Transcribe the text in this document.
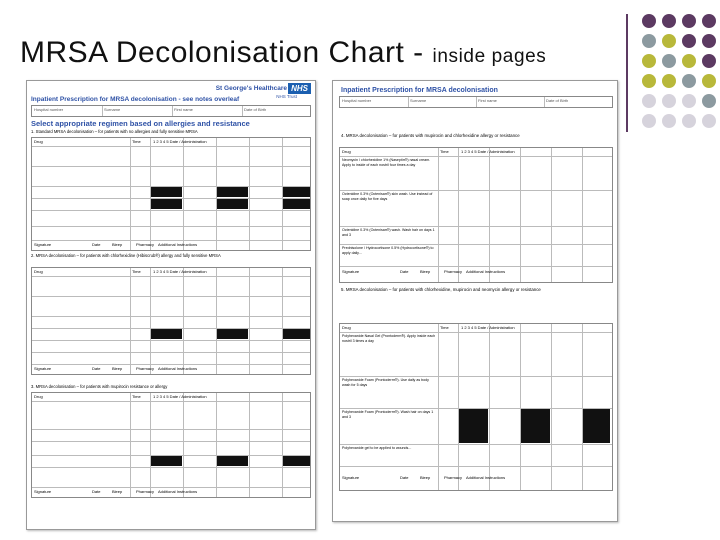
MRSA Decolonisation Chart - inside pages
St George's Healthcare NHS
NHS Trust
Inpatient Prescription for MRSA decolonisation - see notes overleaf
Hospital number	Surname	First name	Date of Birth
Select appropriate regimen based on allergies and resistance
1. Standard MRSA decolonisation – for patients with no allergies and fully sensitive MRSA
Drug	Time	1 2 3 4 5 Date / Administration
Signature	Date	Bleep	Pharmacy Additional Instructions
2. MRSA decolonisation – for patients with chlorhexidine (Hibiscrub®) allergy and fully sensitive MRSA
Drug	Time	1 2 3 4 5 Date / Administration
Signature	Date	Bleep	Pharmacy Additional Instructions
3. MRSA decolonisation – for patients with mupirocin resistance or allergy
Drug	Time	1 2 3 4 5 Date / Administration
Signature	Date	Bleep	Pharmacy Additional Instructions
Inpatient Prescription for MRSA decolonisation
Hospital number	Surname	First name	Date of Birth
4. MRSA decolonisation – for patients with mupirocin and chlorhexidine allergy or resistance
Drug	Time	1 2 3 4 5 Date / Administration
Neomycin / chlorhexidine 1% (Naseptin®) nasal cream. Apply to inside of each nostril four times a day
Octenidine 0.3% (Octenisan®) skin wash. Use instead of soap once daily for five days
Octenidine 0.3% (Octenisan®) wash. Wash hair on days 1 and 3
Prednisolone / Hydrocortisone 0.5% (Hydrocortisone®) to apply daily...
Signature	Date	Bleep	Pharmacy Additional Instructions
5. MRSA decolonisation – for patients with chlorhexidine, mupirocin and neomycin allergy or resistance
Drug	Time	1 2 3 4 5 Date / Administration
Polyhexanide Nasal Gel (Prontoderm®). Apply inside each nostril 3 times a day
Polyhexanide Foam (Prontoderm®). Use daily as body wash for 5 days
Polyhexanide Foam (Prontoderm®). Wash hair on days 1 and 3
Polyhexanide gel to be applied to wounds...
Signature	Date	Bleep	Pharmacy Additional Instructions
